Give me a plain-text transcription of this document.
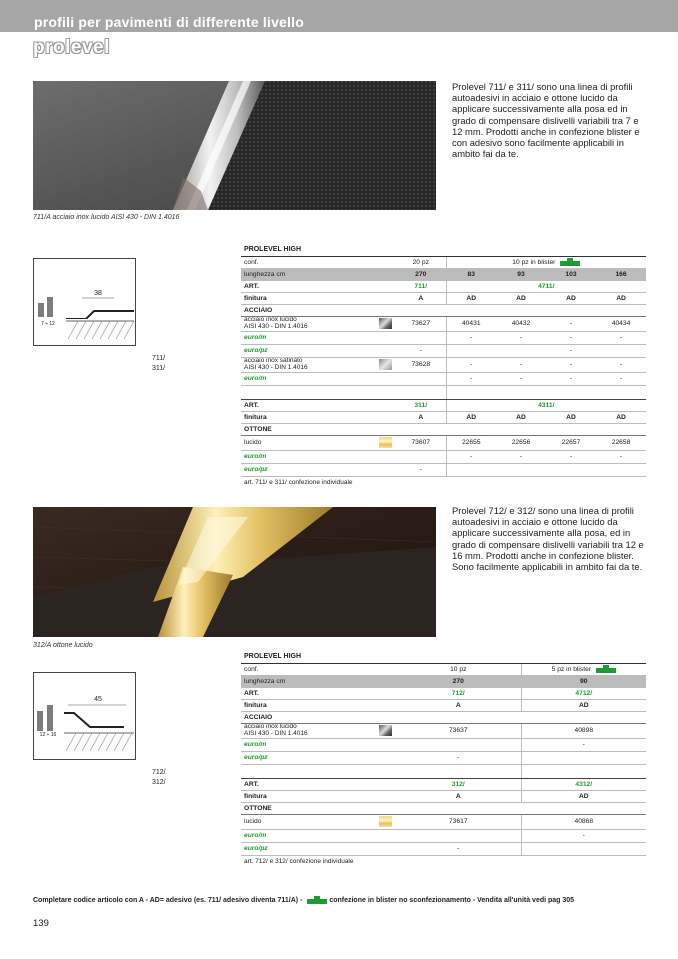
profili per pavimenti di differente livello
prolevel
711/A acciaio inox lucido AISI 430 - DIN 1.4016
Prolevel 711/ e 311/ sono una linea di profili autoadesivi in acciaio e ottone lucido da applicare successivamente alla posa ed in grado di compensare dislivelli variabili tra 7 e 12 mm. Prodotti anche in confezione blister e con adesivo sono facilmente applicabili in ambito fai da te.
38
7 ÷ 12
711/
311/
PROLEVEL HIGH						
conf.		20 pz	10 pz in blister			
lunghezza cm		270	83	93	103	166
ART.		711/	4711/			
finitura		A	AD	AD	AD	AD
ACCIAIO						

acciaio inox lucido
AISI 430 - DIN 1.4016		73627	40431	40432	-	40434
euro/m			-	-	-	-
euro/pz		-			-	

acciaio inox satinato
AISI 430 - DIN 1.4016		73628	-	-	-	-
euro/m			-	-	-	-

ART.		311/	4311/			
finitura		A	AD	AD	AD	AD
OTTONE						
lucido		73607	22655	22656	22657	22658
euro/m			-	-	-	-
euro/pz		-				
art. 711/ e 311/ confezione individuale						
312/A ottone lucido
Prolevel 712/ e 312/ sono una linea di profili autoadesivi in acciaio e ottone lucido da applicare successivamente alla posa, ed in grado di compensare dislivelli variabili tra 12 e 16 mm. Prodotti anche in confezione blister. Sono facilmente applicabili in ambito fai da te.
45
12 ÷ 16
712/
312/
PROLEVEL HIGH			
conf.		10 pz	5 pz in blister
lunghezza cm		270	90
ART.		712/	4712/
finitura		A	AD
ACCIAIO			

acciaio inox lucido
AISI 430 - DIN 1.4016		73637	40898
euro/m			-
euro/pz		-	

ART.		312/	4312/
finitura		A	AD
OTTONE			
lucido		73617	40868
euro/m			-
euro/pz		-	
art. 712/ e 312/ confezione individuale			
Completare codice articolo con A - AD= adesivo (es. 711/ adesivo diventa 711/A) -	confezione in blister no sconfezionamento - Vendita all'unità vedi pag 305
139
